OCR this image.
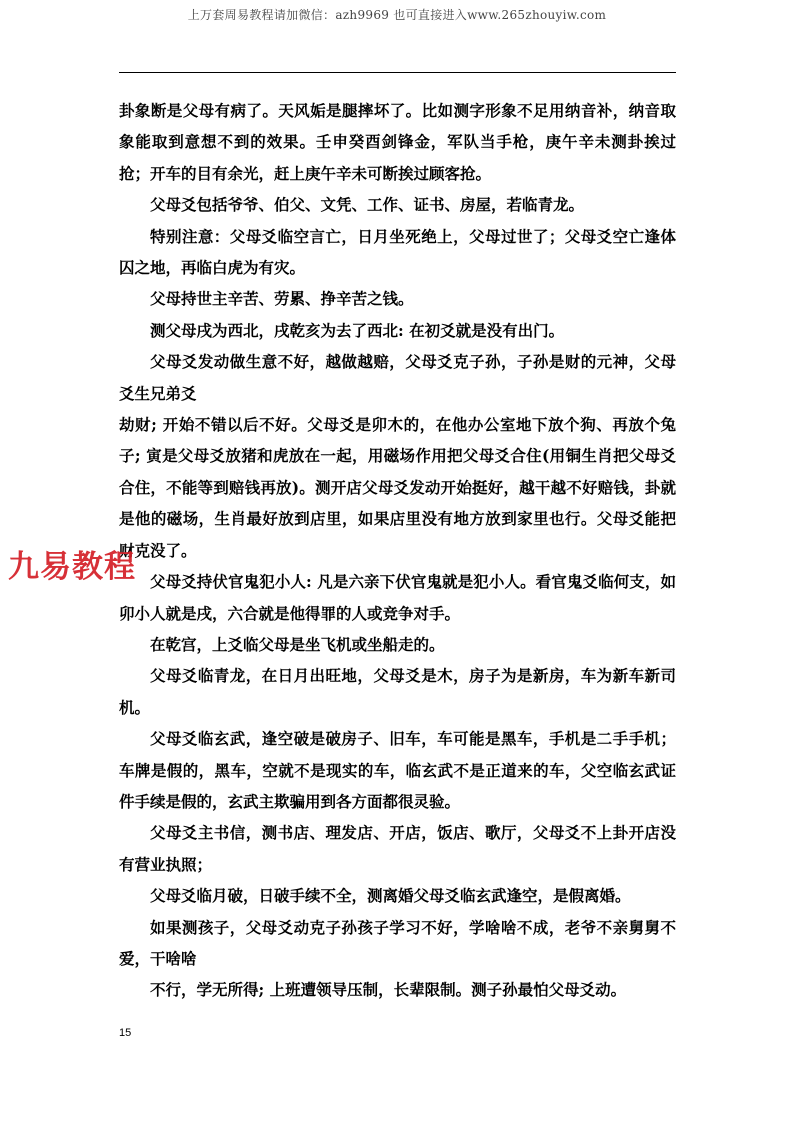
上万套周易教程请加微信：azh9969 也可直接进入www.265zhouyiw.com

卦象断是父母有病了。天风姤是腿摔坏了。比如测字形象不足用纳音补，纳音取象能取到意想不到的效果。壬申癸酉剑锋金，军队当手枪，庚午辛未测卦挨过抢；开车的目有余光，赶上庚午辛未可断挨过顾客抢。

父母爻包括爷爷、伯父、文凭、工作、证书、房屋，若临青龙。

特别注意：父母爻临空言亡，日月坐死绝上，父母过世了；父母爻空亡逢体囚之地，再临白虎为有灾。

父母持世主辛苦、劳累、挣辛苦之钱。

测父母戌为西北，戌乾亥为去了西北: 在初爻就是没有出门。

父母爻发动做生意不好，越做越赔，父母爻克子孙，子孙是财的元神，父母爻生兄弟爻

劫财; 开始不错以后不好。父母爻是卯木的，在他办公室地下放个狗、再放个兔子; 寅是父母爻放猪和虎放在一起，用磁场作用把父母爻合住(用铜生肖把父母爻合住，不能等到赔钱再放)。测开店父母爻发动开始挺好，越干越不好赔钱，卦就是他的磁场，生肖最好放到店里，如果店里没有地方放到家里也行。父母爻能把财克没了。

父母爻持伏官鬼犯小人: 凡是六亲下伏官鬼就是犯小人。看官鬼爻临何支，如卯小人就是戌，六合就是他得罪的人或竞争对手。

在乾宫，上爻临父母是坐飞机或坐船走的。

父母爻临青龙，在日月出旺地，父母爻是木，房子为是新房，车为新车新司机。

父母爻临玄武，逢空破是破房子、旧车，车可能是黑车，手机是二手手机；车牌是假的，黑车，空就不是现实的车，临玄武不是正道来的车，父空临玄武证件手续是假的，玄武主欺骗用到各方面都很灵验。

父母爻主书信，测书店、理发店、开店，饭店、歌厅，父母爻不上卦开店没有营业执照；

父母爻临月破，日破手续不全，测离婚父母爻临玄武逢空，是假离婚。

如果测孩子，父母爻动克子孙孩子学习不好，学啥啥不成，老爷不亲舅舅不爱，干啥啥

不行，学无所得; 上班遭领导压制，长辈限制。测子孙最怕父母爻动。

九易教程
15
